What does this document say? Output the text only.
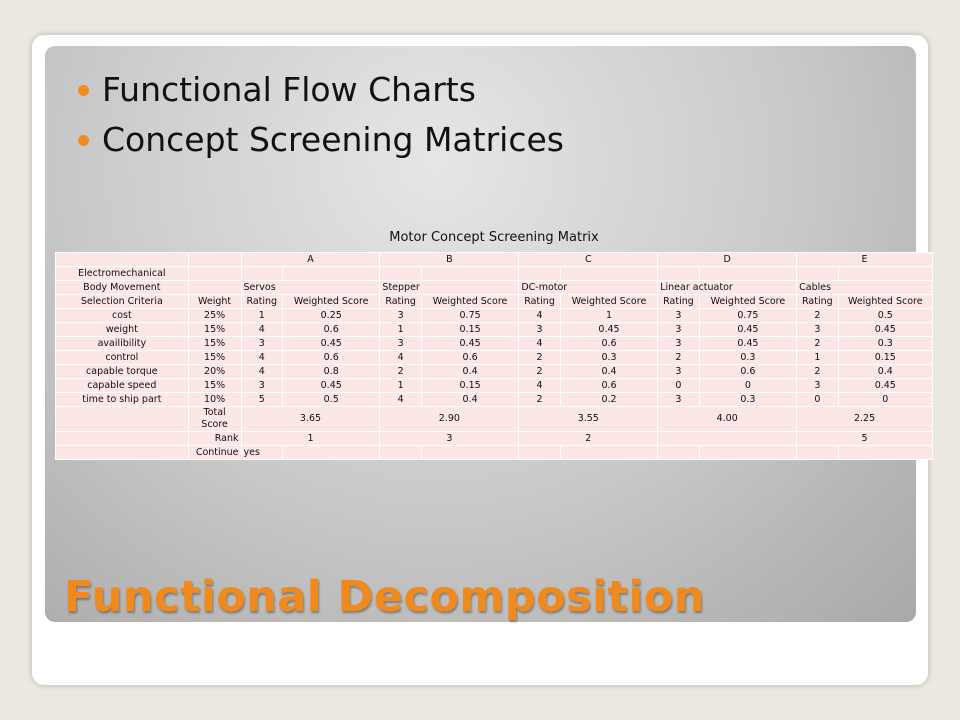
Functional Flow Charts
Concept Screening Matrices
Motor Concept Screening Matrix
		A		B		C		D		E	
Electromechanical											
Body Movement		Servos		Stepper		DC-motor		Linear actuator		Cables	
Selection Criteria	Weight	Rating	Weighted Score	Rating	Weighted Score	Rating	Weighted Score	Rating	Weighted Score	Rating	Weighted Score
cost	25%	1	0.25	3	0.75	4	1	3	0.75	2	0.5
weight	15%	4	0.6	1	0.15	3	0.45	3	0.45	3	0.45
availibility	15%	3	0.45	3	0.45	4	0.6	3	0.45	2	0.3
control	15%	4	0.6	4	0.6	2	0.3	2	0.3	1	0.15
capable torque	20%	4	0.8	2	0.4	2	0.4	3	0.6	2	0.4
capable speed	15%	3	0.45	1	0.15	4	0.6	0	0	3	0.45
time to ship part	10%	5	0.5	4	0.4	2	0.2	3	0.3	0	0
	Total Score	3.65		2.90		3.55		4.00		2.25	
	Rank	1		3		2				5	
	Continue	yes									
Functional Decomposition
